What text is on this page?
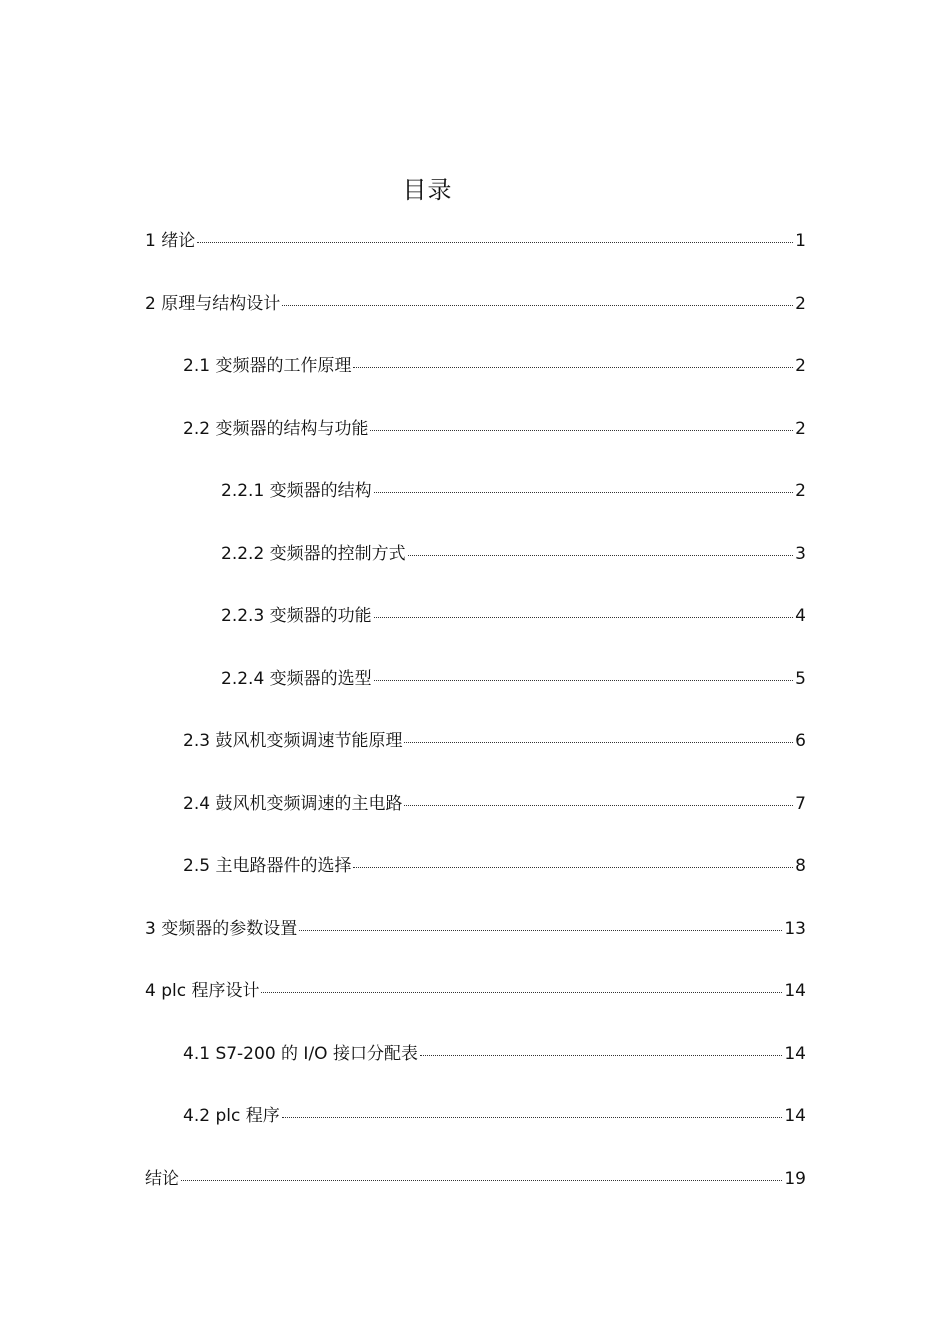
目录
1 绪论	1
2 原理与结构设计	2
2.1 变频器的工作原理	2
2.2 变频器的结构与功能	2
2.2.1 变频器的结构	2
2.2.2 变频器的控制方式	3
2.2.3 变频器的功能	4
2.2.4 变频器的选型	5
2.3 鼓风机变频调速节能原理	6
2.4 鼓风机变频调速的主电路	7
2.5 主电路器件的选择	8
3 变频器的参数设置	13
4 plc 程序设计	14
4.1 S7-200 的 I/O 接口分配表	14
4.2 plc 程序	14
结论	19
